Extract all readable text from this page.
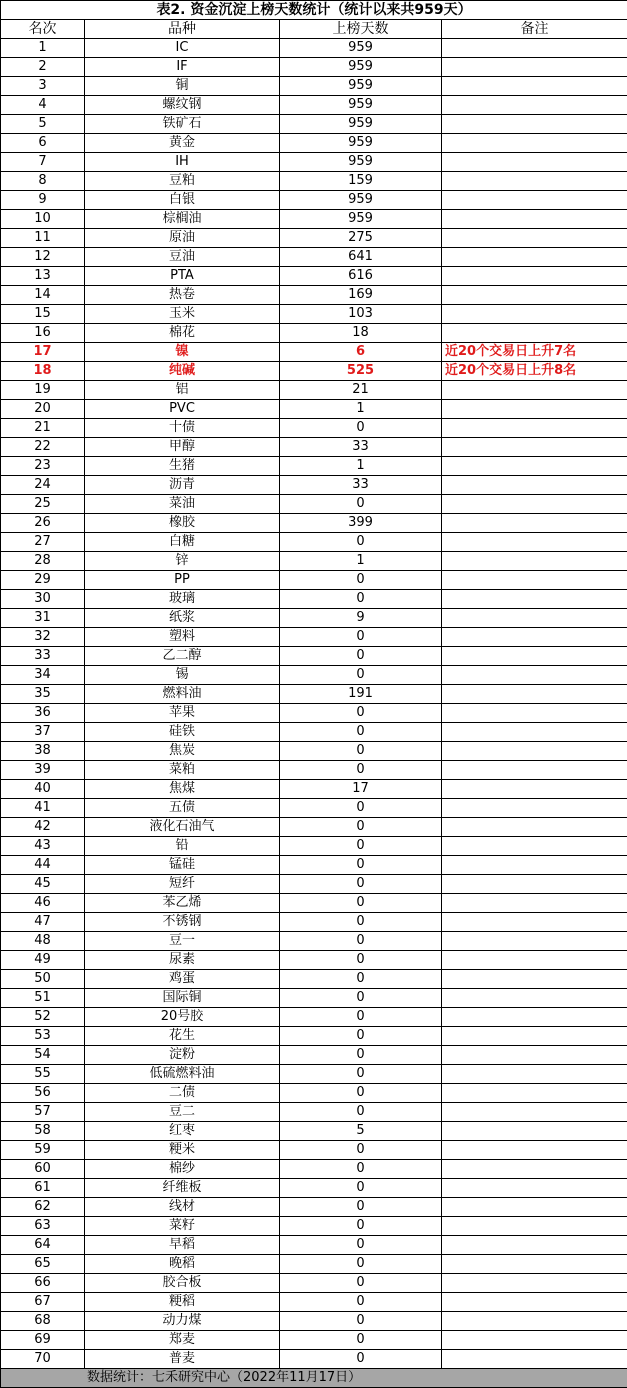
表2. 资金沉淀上榜天数统计（统计以来共959天）			
名次	品种	上榜天数	备注
1	IC	959	
2	IF	959	
3	铜	959	
4	螺纹钢	959	
5	铁矿石	959	
6	黄金	959	
7	IH	959	
8	豆粕	159	
9	白银	959	
10	棕榈油	959	
11	原油	275	
12	豆油	641	
13	PTA	616	
14	热卷	169	
15	玉米	103	
16	棉花	18	
17	镍	6	近20个交易日上升7名
18	纯碱	525	近20个交易日上升8名
19	铝	21	
20	PVC	1	
21	十债	0	
22	甲醇	33	
23	生猪	1	
24	沥青	33	
25	菜油	0	
26	橡胶	399	
27	白糖	0	
28	锌	1	
29	PP	0	
30	玻璃	0	
31	纸浆	9	
32	塑料	0	
33	乙二醇	0	
34	锡	0	
35	燃料油	191	
36	苹果	0	
37	硅铁	0	
38	焦炭	0	
39	菜粕	0	
40	焦煤	17	
41	五债	0	
42	液化石油气	0	
43	铅	0	
44	锰硅	0	
45	短纤	0	
46	苯乙烯	0	
47	不锈钢	0	
48	豆一	0	
49	尿素	0	
50	鸡蛋	0	
51	国际铜	0	
52	20号胶	0	
53	花生	0	
54	淀粉	0	
55	低硫燃料油	0	
56	二债	0	
57	豆二	0	
58	红枣	5	
59	粳米	0	
60	棉纱	0	
61	纤维板	0	
62	线材	0	
63	菜籽	0	
64	早稻	0	
65	晚稻	0	
66	胶合板	0	
67	粳稻	0	
68	动力煤	0	
69	郑麦	0	
70	普麦	0	
数据统计：七禾研究中心（2022年11月17日）			
